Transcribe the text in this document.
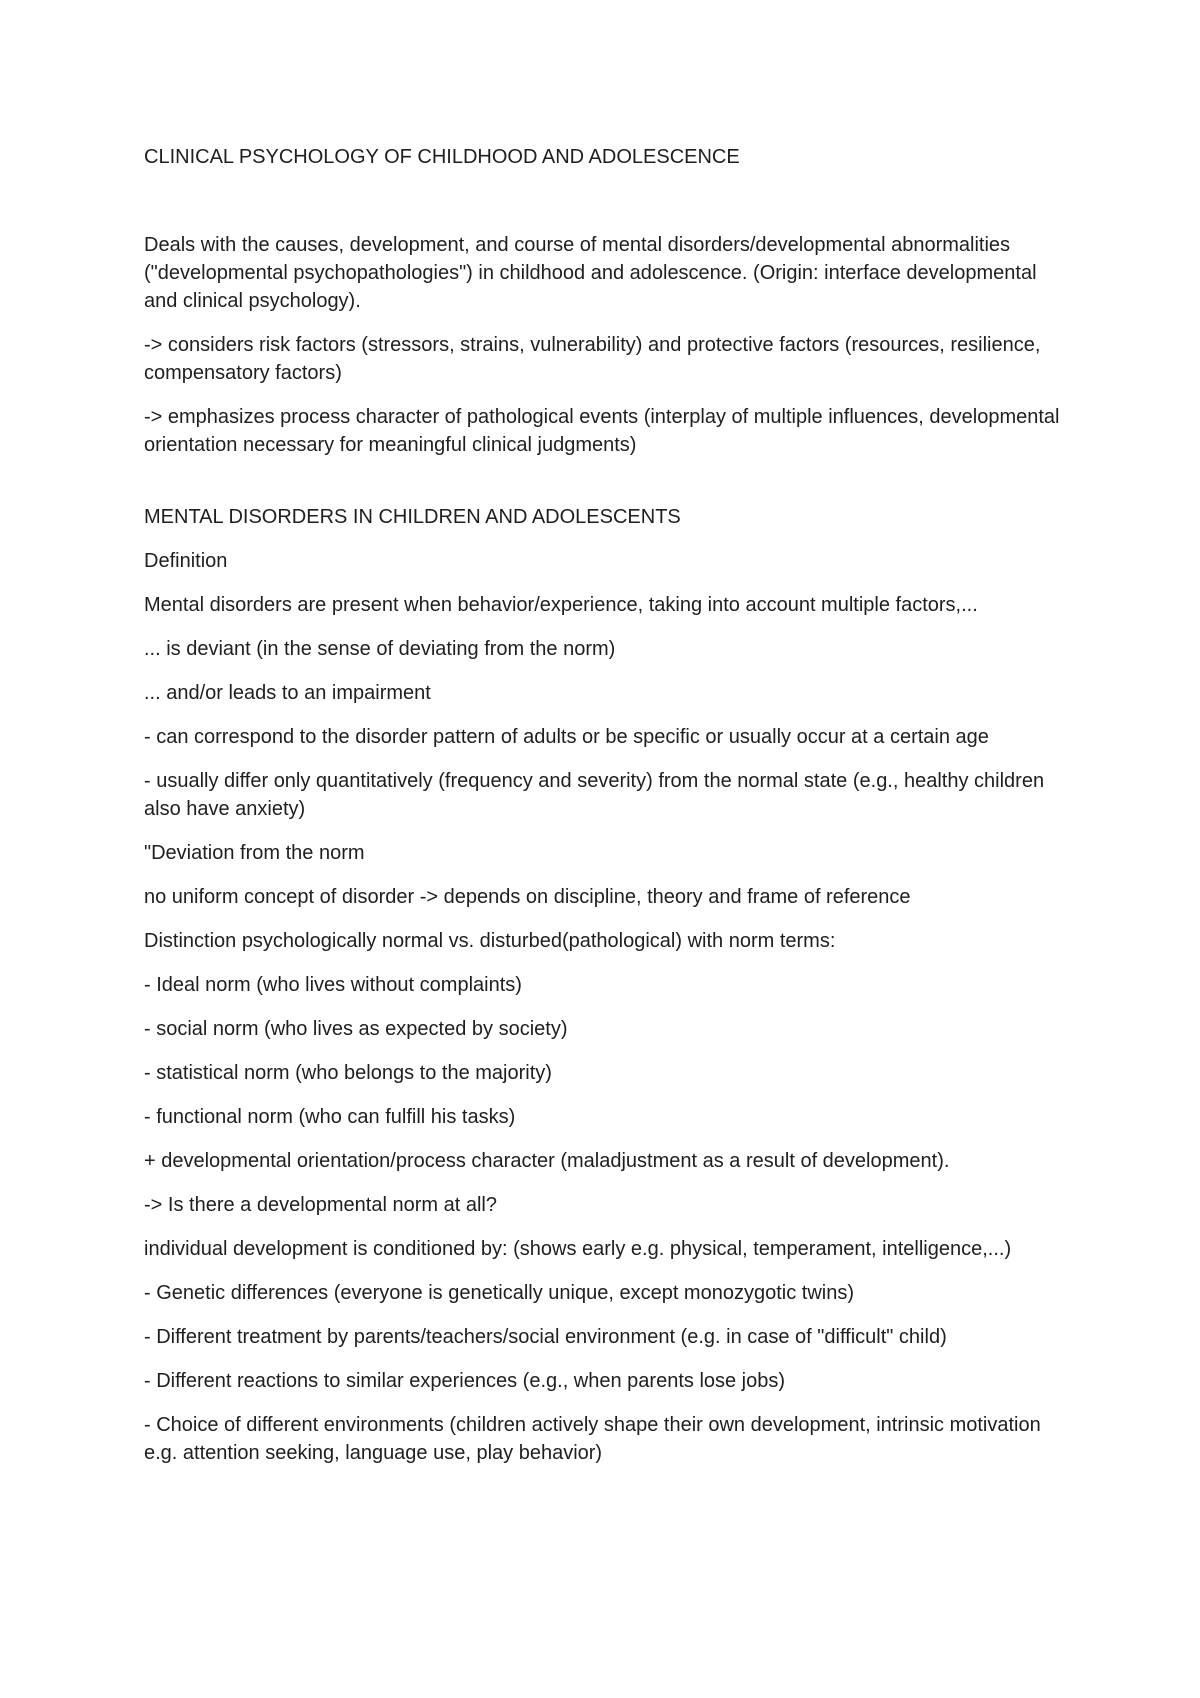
CLINICAL PSYCHOLOGY OF CHILDHOOD AND ADOLESCENCE

Deals with the causes, development, and course of mental disorders/developmental abnormalities ("developmental psychopathologies") in childhood and adolescence. (Origin: interface developmental and clinical psychology).

-> considers risk factors (stressors, strains, vulnerability) and protective factors (resources, resilience, compensatory factors)

-> emphasizes process character of pathological events (interplay of multiple influences, developmental orientation necessary for meaningful clinical judgments)

MENTAL DISORDERS IN CHILDREN AND ADOLESCENTS

Definition

Mental disorders are present when behavior/experience, taking into account multiple factors,...

... is deviant (in the sense of deviating from the norm)

... and/or leads to an impairment

- can correspond to the disorder pattern of adults or be specific or usually occur at a certain age

- usually differ only quantitatively (frequency and severity) from the normal state (e.g., healthy children also have anxiety)

"Deviation from the norm

no uniform concept of disorder -> depends on discipline, theory and frame of reference

Distinction psychologically normal vs. disturbed(pathological) with norm terms:

- Ideal norm (who lives without complaints)

- social norm (who lives as expected by society)

- statistical norm (who belongs to the majority)

- functional norm (who can fulfill his tasks)

+ developmental orientation/process character (maladjustment as a result of development).

-> Is there a developmental norm at all?

individual development is conditioned by: (shows early e.g. physical, temperament, intelligence,...)

- Genetic differences (everyone is genetically unique, except monozygotic twins)

- Different treatment by parents/teachers/social environment (e.g. in case of "difficult" child)

- Different reactions to similar experiences (e.g., when parents lose jobs)

- Choice of different environments (children actively shape their own development, intrinsic motivation e.g. attention seeking, language use, play behavior)
